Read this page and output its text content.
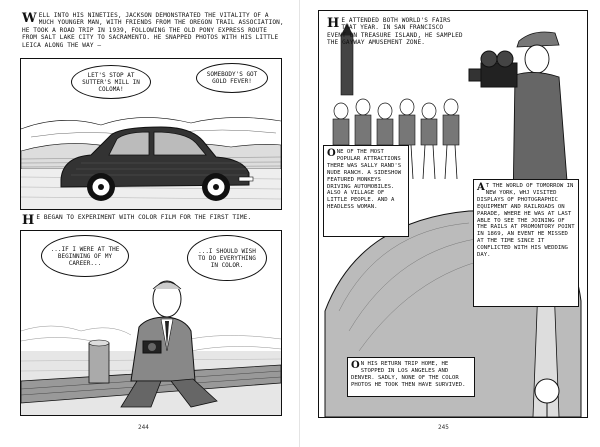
WELL INTO HIS NINETIES, JACKSON DEMONSTRATED THE VITALITY OF A MUCH YOUNGER MAN, WITH FRIENDS FROM THE OREGON TRAIL ASSOCIATION, HE TOOK A ROAD TRIP IN 1939, FOLLOWING THE OLD PONY EXPRESS ROUTE FROM SALT LAKE CITY TO SACRAMENTO. HE SNAPPED PHOTOS WITH HIS LITTLE LEICA ALONG THE WAY –
LET'S STOP AT SUTTER'S MILL IN COLOMA!
SOMEBODY'S GOT GOLD FEVER!
H E BEGAN TO EXPERIMENT WITH COLOR FILM FOR THE FIRST TIME.
...IF I WERE AT THE BEGINNING OF MY CAREER...
...I SHOULD WISH TO DO EVERYTHING IN COLOR.
244
H E ATTENDED BOTH WORLD'S FAIRS THAT YEAR. IN SAN FRANCISCO EVENT ON TREASURE ISLAND, HE SAMPLED THE GAYWAY AMUSEMENT ZONE.
ONE OF THE MOST POPULAR ATTRACTIONS THERE WAS SALLY RAND'S NUDE RANCH. A SIDESHOW FEATURED MONKEYS DRIVING AUTOMOBILES. ALSO A VILLAGE OF LITTLE PEOPLE. AND A HEADLESS WOMAN.
A T THE WORLD OF TOMORROW IN NEW YORK, WHJ VISITED DISPLAYS OF PHOTOGRAPHIC EQUIPMENT AND RAILROADS ON PARADE, WHERE HE WAS AT LAST ABLE TO SEE THE JOINING OF THE RAILS AT PROMONTORY POINT IN 1869, AN EVENT HE MISSED AT THE TIME SINCE IT CONFLICTED WITH HIS WEDDING DAY.
O N HIS RETURN TRIP HOME, HE STOPPED IN LOS ANGELES AND DENVER. SADLY, NONE OF THE COLOR PHOTOS HE TOOK THEN HAVE SURVIVED.
245
